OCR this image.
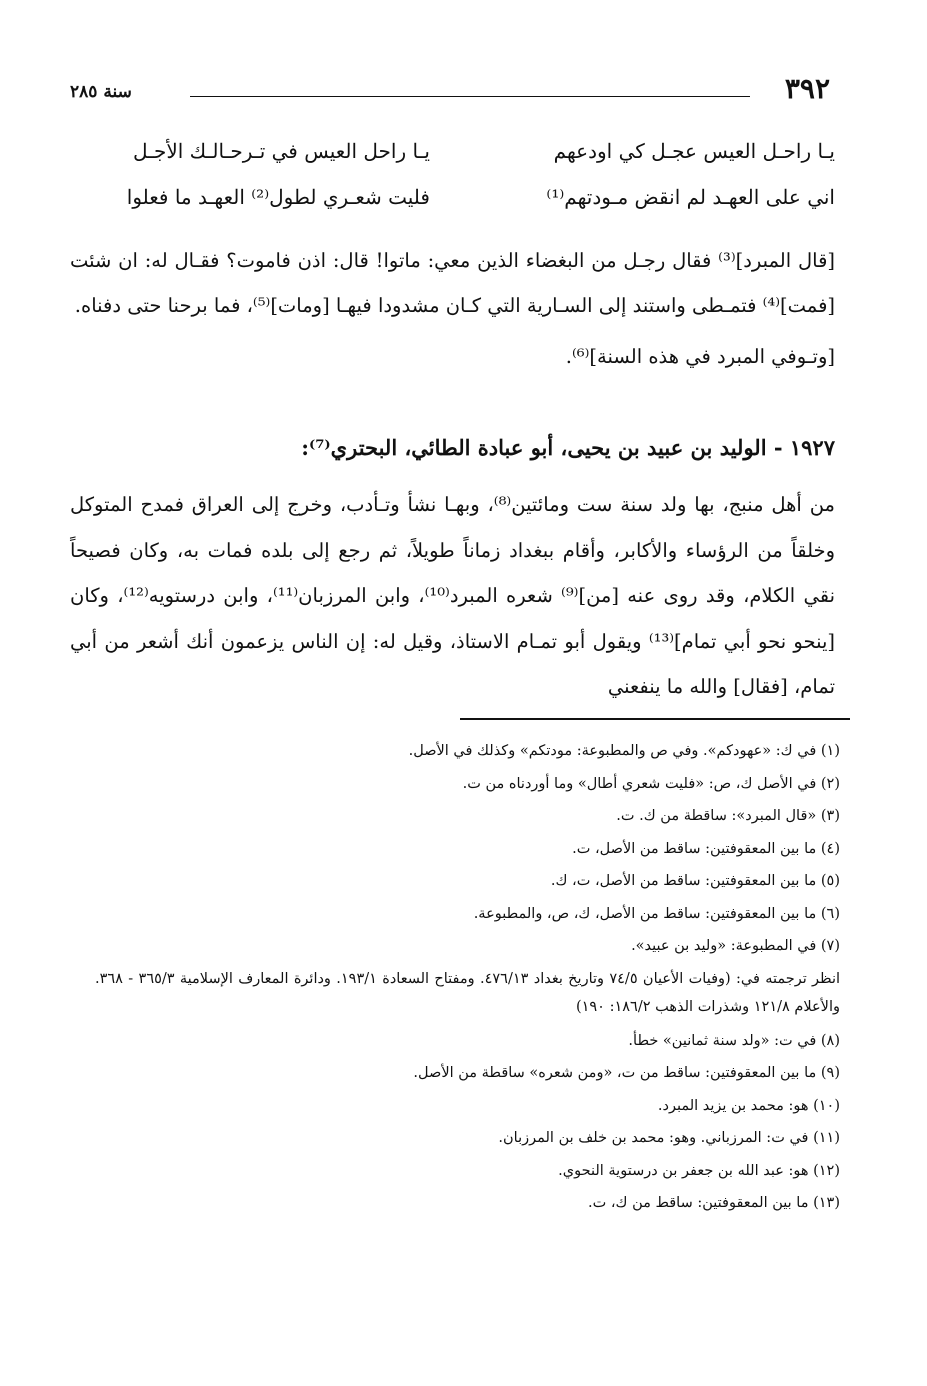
٣٩٢
سنة ٢٨٥
يـا راحـل العيس عجـل كي اودعهم
يـا راحل العيس في تـرحـالـك الأجـل
اني على العهـد لم انقض مـودتهم⁽¹⁾
فليت شعـري لطول⁽²⁾ العهـد ما فعلوا

[قال المبرد]⁽³⁾ فقال رجـل من البغضاء الذين معي: ماتوا! قال: اذن فاموت؟ فقـال له: ان شئت [فمت]⁽⁴⁾ فتمـطى واستند إلى السـارية التي كـان مشدودا فيهـا [ومات]⁽⁵⁾، فما برحنا حتى دفناه.

[وتـوفي المبرد في هذه السنة]⁽⁶⁾.

١٩٢٧ - الوليد بن عبيد بن يحيى، أبو عبادة الطائي، البحتري⁽⁷⁾:

من أهل منبج، بها ولد سنة ست ومائتين⁽⁸⁾، وبهـا نشأ وتـأدب، وخرج إلى العراق فمدح المتوكل وخلقاً من الرؤساء والأكابر، وأقام ببغداد زماناً طويلاً، ثم رجع إلى بلده فمات به، وكان فصيحاً نقي الكلام، وقد روى عنه [من]⁽⁹⁾ شعره المبرد⁽¹⁰⁾، وابن المرزبان⁽¹¹⁾، وابن درستويه⁽¹²⁾، وكان [ينحو نحو أبي تمام]⁽¹³⁾ ويقول أبو تمـام الاستاذ، وقيل له: إن الناس يزعمون أنك أشعر من أبي تمام، [فقال] والله ما ينفعني

(١) في ك: «عهودكم». وفي ص والمطبوعة: مودتكم» وكذلك في الأصل.

(٢) في الأصل ك، ص: «فليت شعري أطال» وما أوردناه من ت.

(٣) «قال المبرد»: ساقطة من ك. ت.

(٤) ما بين المعقوفتين: ساقط من الأصل، ت.

(٥) ما بين المعقوفتين: ساقط من الأصل، ت، ك.

(٦) ما بين المعقوفتين: ساقط من الأصل، ك، ص، والمطبوعة.

(٧) في المطبوعة: «وليد بن عبيد».

انظر ترجمته في: (وفيات الأعيان ٧٤/٥ وتاريخ بغداد ٤٧٦/١٣. ومفتاح السعادة ١٩٣/١. ودائرة المعارف الإسلامية ٣٦٥/٣ - ٣٦٨. والأعلام ١٢١/٨ وشذرات الذهب ١٨٦/٢: ١٩٠)

(٨) في ت: «ولد سنة ثمانين» خطأ.

(٩) ما بين المعقوفتين: ساقط من ت، «ومن شعره» ساقطة من الأصل.

(١٠) هو: محمد بن يزيد المبرد.

(١١) في ت: المرزباني. وهو: محمد بن خلف بن المرزبان.

(١٢) هو: عبد الله بن جعفر بن درستوية النحوي.

(١٣) ما بين المعقوفتين: ساقط من ك، ت.
